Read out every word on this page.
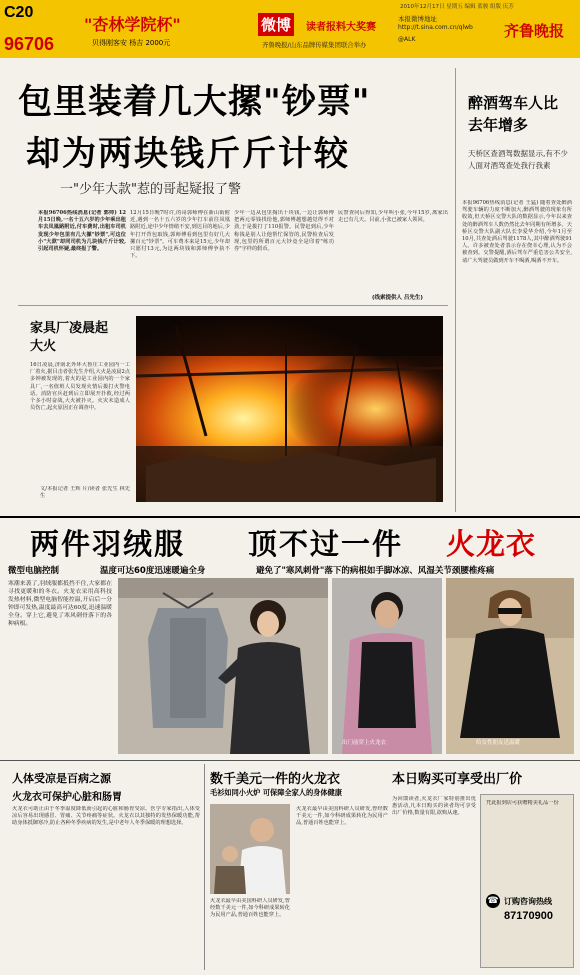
C20
96706
2010年12月17日 星期五 编辑 蓝骏 组版 庆芳
"杏林学院杯"
贝得刚客安 杨吉 2000元
微博	读者报料大奖赛
齐鲁晚报/山东品牌传媒集团联合举办
本报微博地址
http://t.sina.com.cn/qlwb
@ALK	齐鲁晚报
包里装着几大摞"钞票"
却为两块钱斤斤计较
一"少年大款"惹的哥起疑报了警
本报96706热线消息(记者 郭帅) 12月15日晚,一名十五六岁的少年乘出租车去凤凰路附近,付车费时,出租车司机发现少年包里有几大摞"钞票",可这位小"大款"却同司机为几块钱斤斤计较,引起司机怀疑,最终报了警。
12月15日晚7时许,的哥郭师傅在新山街附近,遇到一名十五六岁的少年打车前往凤凰路附近,途中少年情绪不安,到达目的地后,少年打开背包取钱,郭师傅看到包里有好几大摞百元"钞票"。可车费本来是15元,少年却只愿付13元,为这两块钱和郭师傅争执不下。
少年一边从包里掏出十块钱,一边让郭师傅把两元零钱找给他,郭师傅越想越觉得不对劲,于是拨打了110报警。民警赶到后,少年称钱是别人让他帮忙保管的,民警检查后发现,包里的所谓百元大钞竟全是印着"练功券"字样的假币。
民警查问后得知,少年叫小张,今年15岁,离家出走已有几天。目前,小张已被家人领回。
(线索提供人 吕先生)
家具厂凌晨起大火
16日凌晨,济南北外环大鲁庄工业园内一工厂着火,据目击者张先生介绍,大火是凌晨2点多钟被发现的,着火的是工业园内的一个家具厂,一名值班人员发现火情后拨打火警电话。消防官兵赶到后立即展开扑救,经过两个多小时奋战,大火被扑灭。火灾未造成人员伤亡,起火原因正在调查中。
文/本报记者 王辉 片/读者 张先生 林先生
醉酒驾车人比去年增多
天桥区查酒驾数据显示,有不少人面对酒驾查处我行我素
本报96706热线消息(记者 王猛) 随着查处醉酒驾驶车辆的力度不断加大,醉酒驾驶的现象有所收敛,但天桥区交警大队的数据显示,今年以来查处的醉酒驾车人数仍然比去年同期有所增多。天桥区交警大队副大队长李爱华介绍,今年1月至10月,共查处酒后驾驶1178人,其中醉酒驾驶91人。许多被查处者表示存在侥幸心理,认为不会被查到。交警提醒,酒后驾车严重危害公共安全,请广大驾驶员做到开车不喝酒,喝酒不开车。
两件羽绒服 顶不过一件 火龙衣
微型电脑控制	温度可达60度迅速暖遍全身	避免了"寒风刺骨"落下的病根如手脚冰凉、风湿关节颈腰椎疼痛
寒潮来袭了,羽绒服都抵挡不住,大家都在寻找更暖和的冬衣。火龙衣采用高科技发热材料,微型电脑智能控温,开启后一分钟即可发热,温度最高可达60度,迅速温暖全身。穿上它,避免了寒风刺骨落下的各种病根。
出门前穿上火龙衣	给女性朋友送温暖
人体受凉是百病之源
火龙衣可保护心脏和肠胃
火龙衣可助止由于冬季温度降低而引起的心脏和肠胃受凉。医学专家指出,人体受凉后容易出现感冒、胃痛、关节疼痛等症状。火龙衣以其独特的发热保暖功能,帮助身体抵御寒冷,防止各种冬季疾病的发生,是中老年人冬季保暖的理想选择。
数千美元一件的火龙衣
毛衫如同小火炉 可保障全家人的身体健康
火龙衣最早由美国科研人员研发,曾经数千美元一件,如今科研成果转化为民用产品,普通百姓也能穿上。
火龙衣最早由美国科研人员研发,曾经数千美元一件,如今科研成果转化为民用产品,普通百姓也能穿上。
本日购买可享受出厂价
为回馈读者,火龙衣厂家特别推出优惠活动,凡本日购买的读者均可享受出厂价格,数量有限,欲购从速。
凭此报到店可获赠精美礼品一份
☎ 订购咨询热线
87170900
